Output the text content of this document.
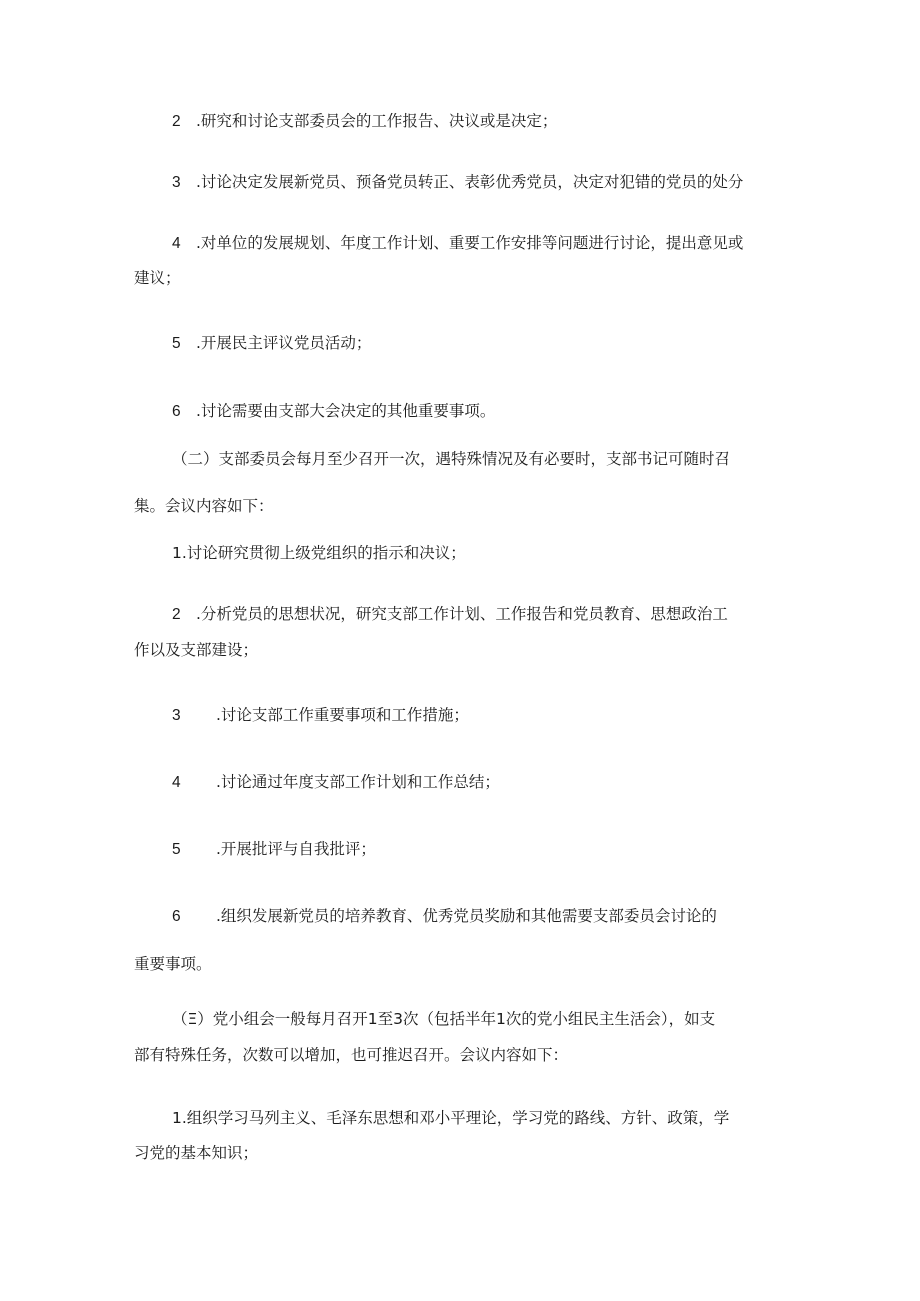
2 .研究和讨论支部委员会的工作报告、决议或是决定；
3 .讨论决定发展新党员、预备党员转正、表彰优秀党员，决定对犯错的党员的处分
4 .对单位的发展规划、年度工作计划、重要工作安排等问题进行讨论，提出意见或
建议；
5 .开展民主评议党员活动；
6 .讨论需要由支部大会决定的其他重要事项。
（二）支部委员会每月至少召开一次，遇特殊情况及有必要时，支部书记可随时召
集。会议内容如下：
1.讨论研究贯彻上级党组织的指示和决议；
2 .分析党员的思想状况，研究支部工作计划、工作报告和党员教育、思想政治工
作以及支部建设；
3 .讨论支部工作重要事项和工作措施；
4 .讨论通过年度支部工作计划和工作总结；
5 .开展批评与自我批评；
6 .组织发展新党员的培养教育、优秀党员奖励和其他需要支部委员会讨论的
重要事项。
（Ξ）党小组会一般每月召开1至3次（包括半年1次的党小组民主生活会），如支
部有特殊任务，次数可以增加，也可推迟召开。会议内容如下：
1.组织学习马列主义、毛泽东思想和邓小平理论，学习党的路线、方针、政策，学
习党的基本知识；
